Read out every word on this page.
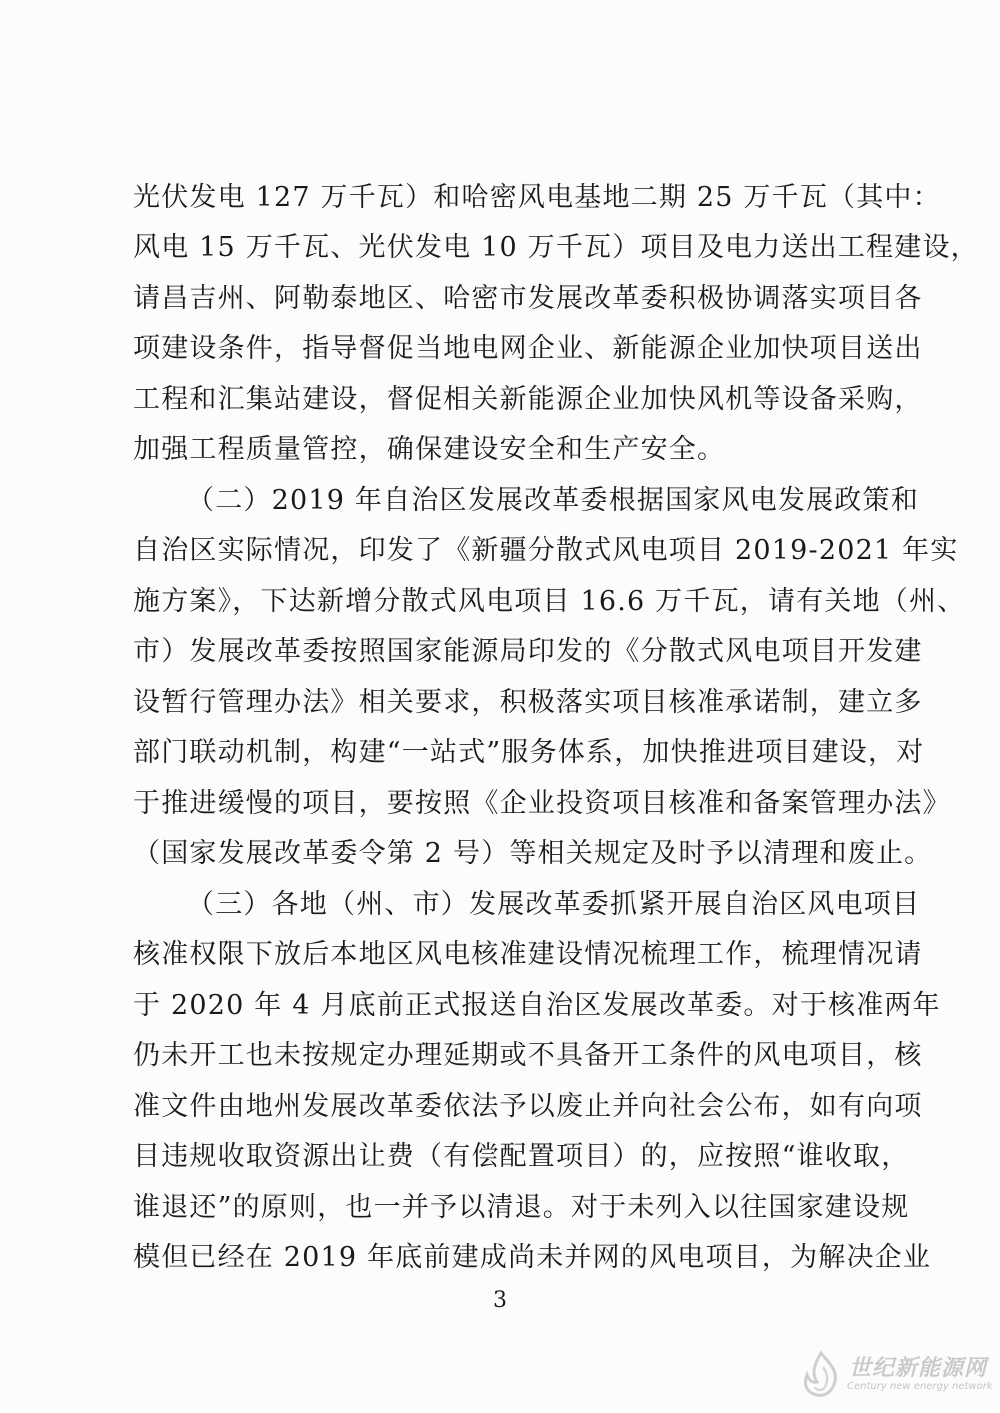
光伏发电 127 万千瓦）和哈密风电基地二期 25 万千瓦（其中：
风电 15 万千瓦、光伏发电 10 万千瓦）项目及电力送出工程建设，
请昌吉州、阿勒泰地区、哈密市发展改革委积极协调落实项目各
项建设条件，指导督促当地电网企业、新能源企业加快项目送出
工程和汇集站建设，督促相关新能源企业加快风机等设备采购，
加强工程质量管控，确保建设安全和生产安全。
（二）2019 年自治区发展改革委根据国家风电发展政策和
自治区实际情况，印发了《新疆分散式风电项目 2019-2021 年实
施方案》，下达新增分散式风电项目 16.6 万千瓦，请有关地（州、
市）发展改革委按照国家能源局印发的《分散式风电项目开发建
设暂行管理办法》相关要求，积极落实项目核准承诺制，建立多
部门联动机制，构建“一站式”服务体系，加快推进项目建设，对
于推进缓慢的项目，要按照《企业投资项目核准和备案管理办法》
（国家发展改革委令第 2 号）等相关规定及时予以清理和废止。
（三）各地（州、市）发展改革委抓紧开展自治区风电项目
核准权限下放后本地区风电核准建设情况梳理工作，梳理情况请
于 2020 年 4 月底前正式报送自治区发展改革委。对于核准两年
仍未开工也未按规定办理延期或不具备开工条件的风电项目，核
准文件由地州发展改革委依法予以废止并向社会公布，如有向项
目违规收取资源出让费（有偿配置项目）的，应按照“谁收取，
谁退还”的原则，也一并予以清退。对于未列入以往国家建设规
3
世纪新能源网
Century new energy network
模但已经在 2019 年底前建成尚未并网的风电项目，为解决企业
